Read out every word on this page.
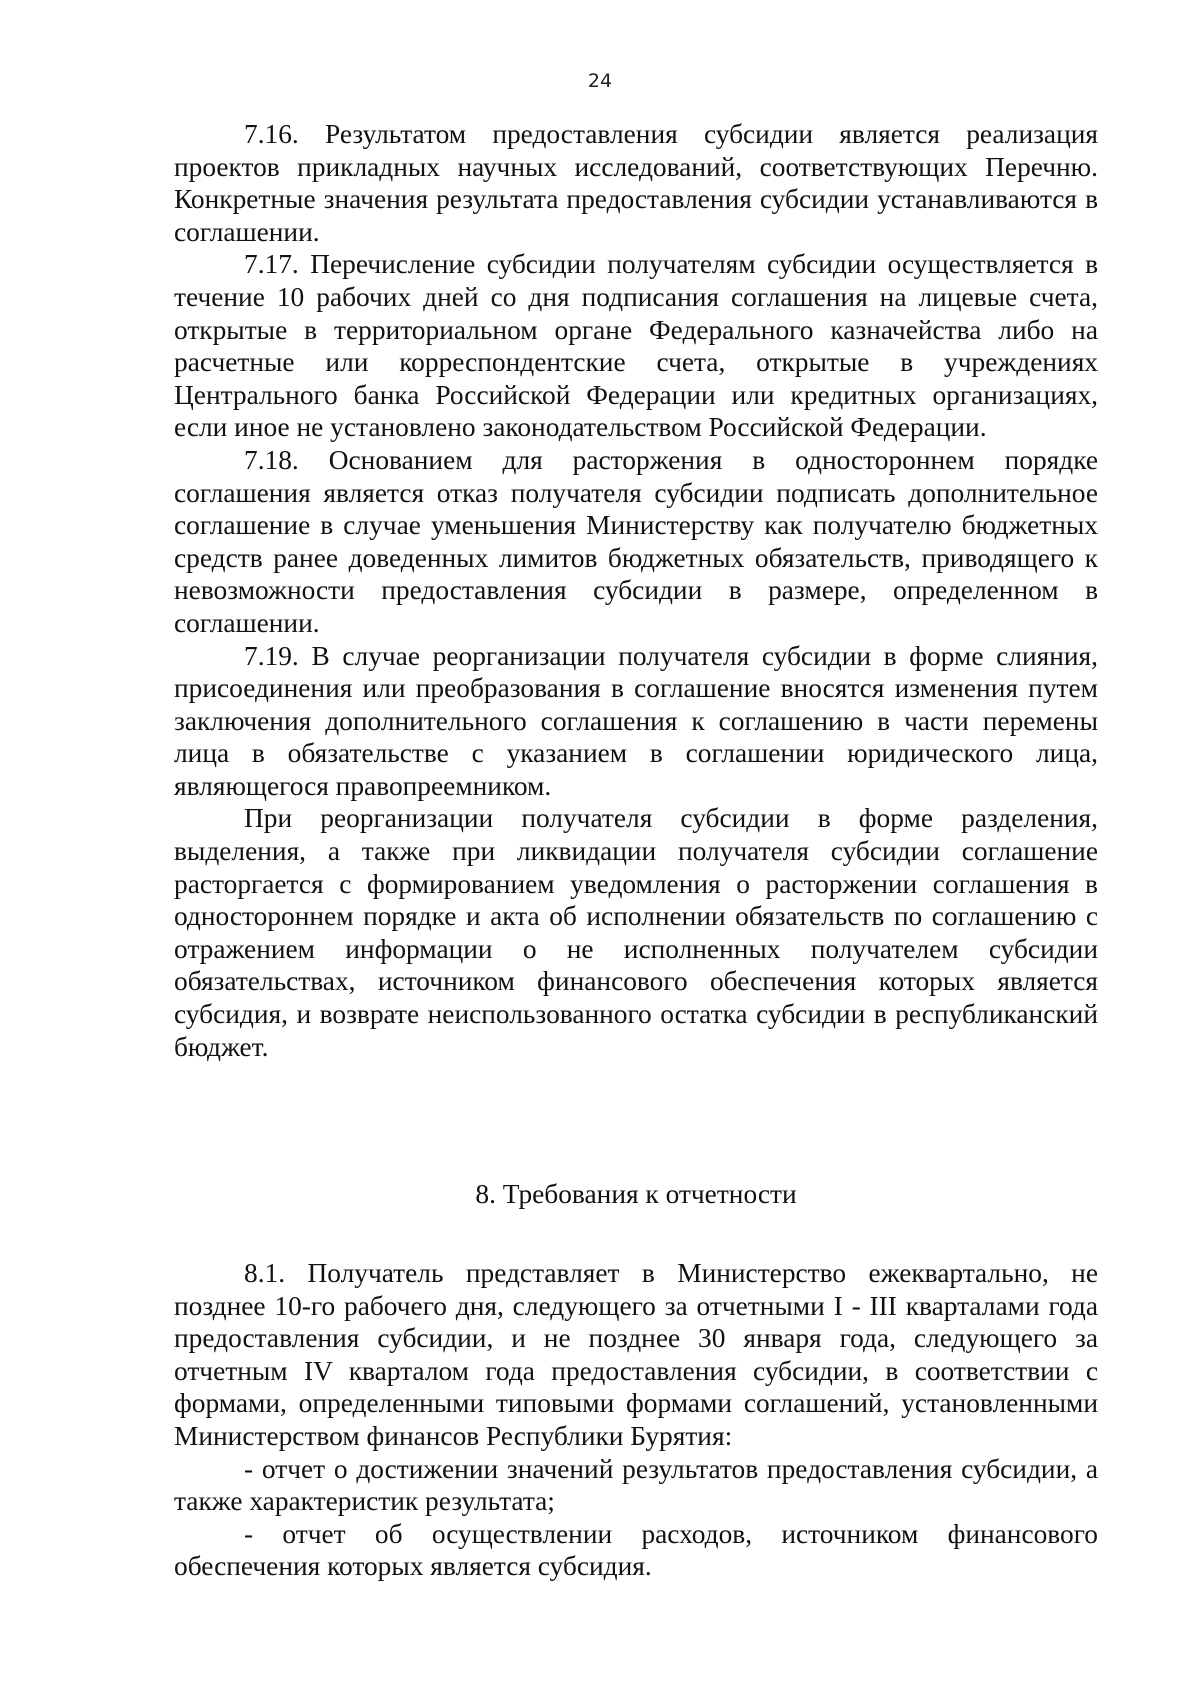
24

7.16. Результатом предоставления субсидии является реализация проектов прикладных научных исследований, соответствующих Перечню. Конкретные значения результата предоставления субсидии устанавливаются в соглашении.

7.17. Перечисление субсидии получателям субсидии осуществляется в течение 10 рабочих дней со дня подписания соглашения на лицевые счета, открытые в территориальном органе Федерального казначейства либо на расчетные или корреспондентские счета, открытые в учреждениях Центрального банка Российской Федерации или кредитных организациях, если иное не установлено законодательством Российской Федерации.

7.18. Основанием для расторжения в одностороннем порядке соглашения является отказ получателя субсидии подписать дополнительное соглашение в случае уменьшения Министерству как получателю бюджетных средств ранее доведенных лимитов бюджетных обязательств, приводящего к невозможности предоставления субсидии в размере, определенном в соглашении.

7.19. В случае реорганизации получателя субсидии в форме слияния, присоединения или преобразования в соглашение вносятся изменения путем заключения дополнительного соглашения к соглашению в части перемены лица в обязательстве с указанием в соглашении юридического лица, являющегося правопреемником.

При реорганизации получателя субсидии в форме разделения, выделения, а также при ликвидации получателя субсидии соглашение расторгается с формированием уведомления о расторжении соглашения в одностороннем порядке и акта об исполнении обязательств по соглашению с отражением информации о не исполненных получателем субсидии обязательствах, источником финансового обеспечения которых является субсидия, и возврате неиспользованного остатка субсидии в республиканский бюджет.

8. Требования к отчетности

8.1. Получатель представляет в Министерство ежеквартально, не позднее 10-го рабочего дня, следующего за отчетными I - III кварталами года предоставления субсидии, и не позднее 30 января года, следующего за отчетным IV кварталом года предоставления субсидии, в соответствии с формами, определенными типовыми формами соглашений, установленными Министерством финансов Республики Бурятия:

- отчет о достижении значений результатов предоставления субсидии, а также характеристик результата;

- отчет об осуществлении расходов, источником финансового обеспечения которых является субсидия.
